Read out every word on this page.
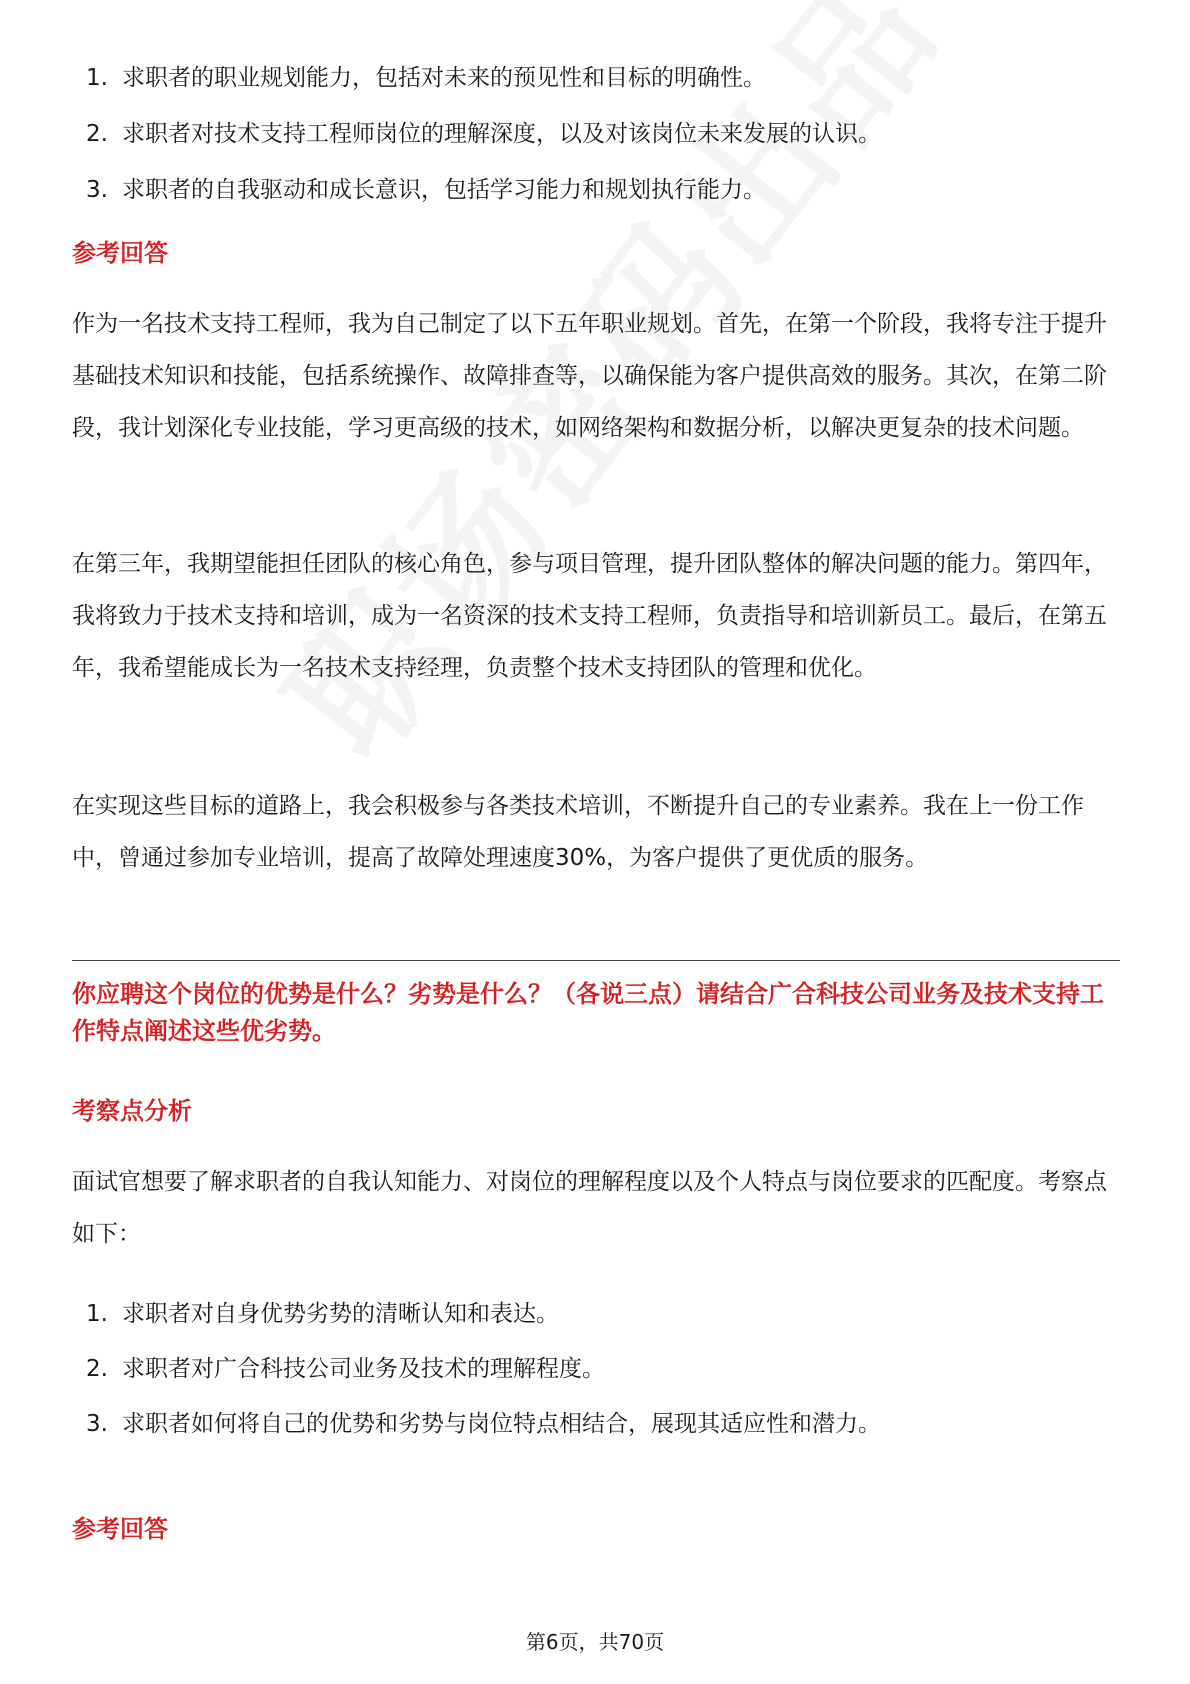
1. 求职者的职业规划能力，包括对未来的预见性和目标的明确性。
2. 求职者对技术支持工程师岗位的理解深度，以及对该岗位未来发展的认识。
3. 求职者的自我驱动和成长意识，包括学习能力和规划执行能力。
参考回答

作为一名技术支持工程师，我为自己制定了以下五年职业规划。首先，在第一个阶段，我将专注于提升基础技术知识和技能，包括系统操作、故障排查等，以确保能为客户提供高效的服务。其次，在第二阶段，我计划深化专业技能，学习更高级的技术，如网络架构和数据分析，以解决更复杂的技术问题。

在第三年，我期望能担任团队的核心角色，参与项目管理，提升团队整体的解决问题的能力。第四年，我将致力于技术支持和培训，成为一名资深的技术支持工程师，负责指导和培训新员工。最后，在第五年，我希望能成长为一名技术支持经理，负责整个技术支持团队的管理和优化。

在实现这些目标的道路上，我会积极参与各类技术培训，不断提升自己的专业素养。我在上一份工作中，曾通过参加专业培训，提高了故障处理速度30%，为客户提供了更优质的服务。

你应聘这个岗位的优势是什么？劣势是什么？（各说三点）请结合广合科技公司业务及技术支持工作特点阐述这些优劣势。

考察点分析

面试官想要了解求职者的自我认知能力、对岗位的理解程度以及个人特点与岗位要求的匹配度。考察点如下：

1. 求职者对自身优势劣势的清晰认知和表达。
2. 求职者对广合科技公司业务及技术的理解程度。
3. 求职者如何将自己的优势和劣势与岗位特点相结合，展现其适应性和潜力。
参考回答
第6页，共70页
